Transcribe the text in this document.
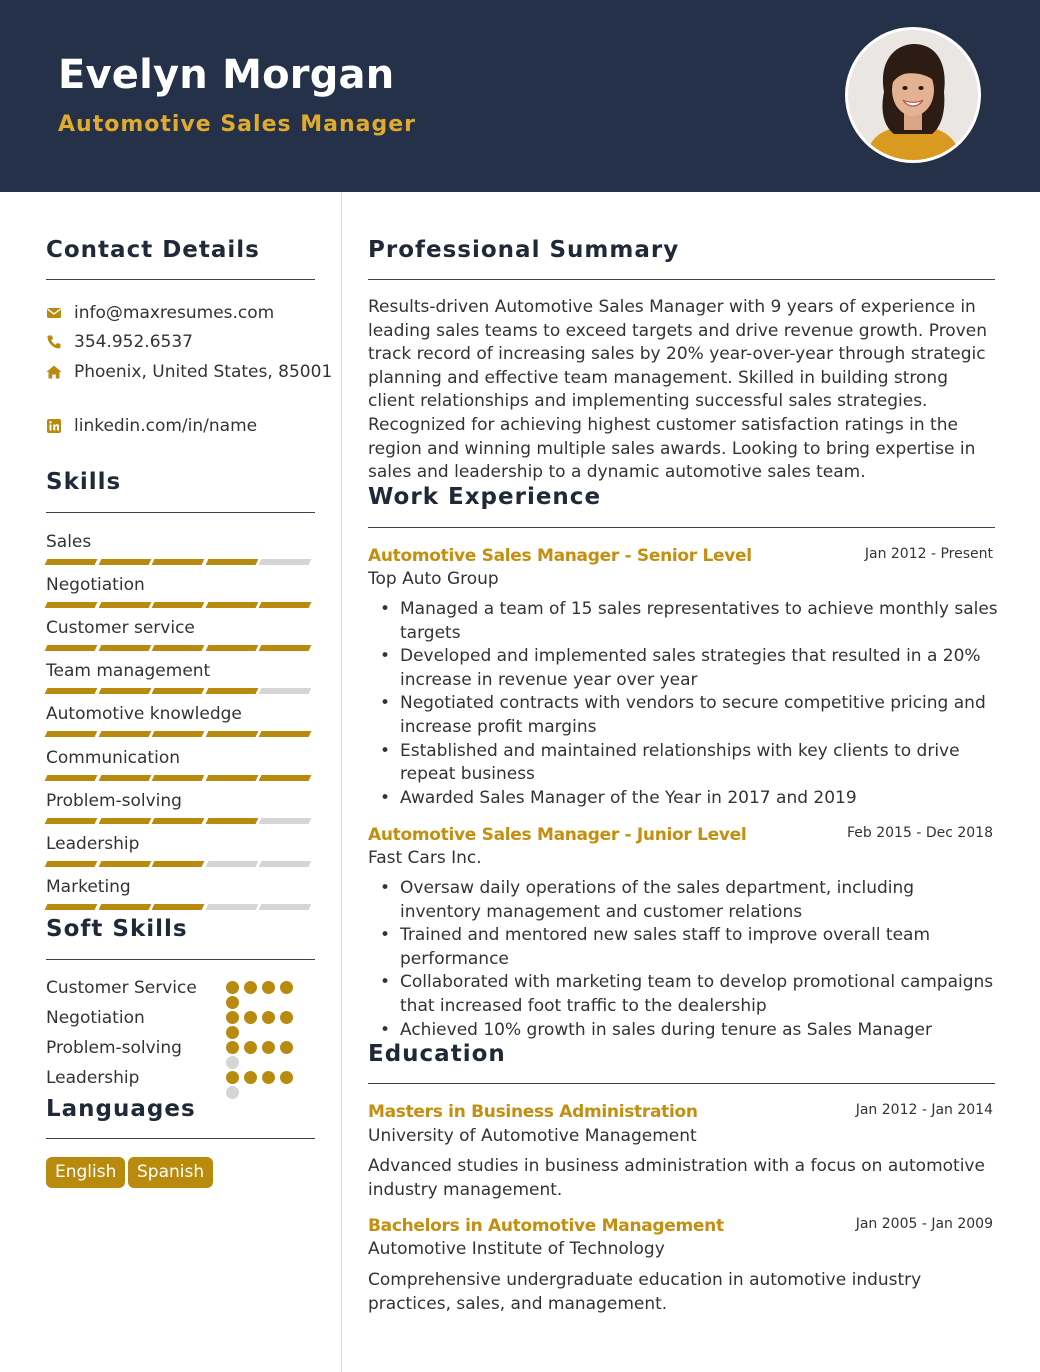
Evelyn Morgan
Automotive Sales Manager
Contact Details
info@maxresumes.com
354.952.6537
Phoenix, United States, 85001
linkedin.com/in/name
Skills
Sales
Negotiation
Customer service
Team management
Automotive knowledge
Communication
Problem-solving
Leadership
Marketing
Soft Skills
Customer Service
Negotiation
Problem-solving
Leadership
Languages
English	Spanish
Professional Summary
Results-driven Automotive Sales Manager with 9 years of experience in leading sales teams to exceed targets and drive revenue growth. Proven track record of increasing sales by 20% year-over-year through strategic planning and effective team management. Skilled in building strong client relationships and implementing successful sales strategies. Recognized for achieving highest customer satisfaction ratings in the region and winning multiple sales awards. Looking to bring expertise in sales and leadership to a dynamic automotive sales team.
Work Experience
Automotive Sales Manager - Senior Level	Jan 2012 - Present
Top Auto Group
• Managed a team of 15 sales representatives to achieve monthly sales targets
• Developed and implemented sales strategies that resulted in a 20% increase in revenue year over year
• Negotiated contracts with vendors to secure competitive pricing and increase profit margins
• Established and maintained relationships with key clients to drive repeat business
• Awarded Sales Manager of the Year in 2017 and 2019
Automotive Sales Manager - Junior Level	Feb 2015 - Dec 2018
Fast Cars Inc.
• Oversaw daily operations of the sales department, including inventory management and customer relations
• Trained and mentored new sales staff to improve overall team performance
• Collaborated with marketing team to develop promotional campaigns that increased foot traffic to the dealership
• Achieved 10% growth in sales during tenure as Sales Manager
Education
Masters in Business Administration	Jan 2012 - Jan 2014
University of Automotive Management
Advanced studies in business administration with a focus on automotive industry management.
Bachelors in Automotive Management	Jan 2005 - Jan 2009
Automotive Institute of Technology
Comprehensive undergraduate education in automotive industry practices, sales, and management.
